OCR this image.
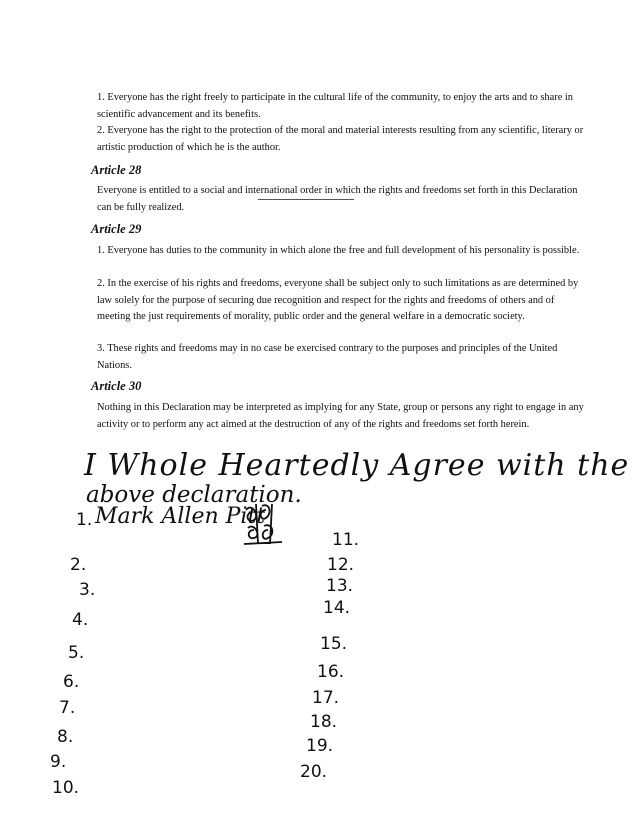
1. Everyone has the right freely to participate in the cultural life of the community, to enjoy the arts and to share in scientific advancement and its benefits.

2. Everyone has the right to the protection of the moral and material interests resulting from any scientific, literary or artistic production of which he is the author.

Article 28

Everyone is entitled to a social and international order in which the rights and freedoms set forth in this Declaration can be fully realized.

Article 29

1. Everyone has duties to the community in which alone the free and full development of his personality is possible.

2. In the exercise of his rights and freedoms, everyone shall be subject only to such limitations as are determined by law solely for the purpose of securing due recognition and respect for the rights and freedoms of others and of meeting the just requirements of morality, public order and the general welfare in a democratic society.

3. These rights and freedoms may in no case be exercised contrary to the purposes and principles of the United Nations.

Article 30

Nothing in this Declaration may be interpreted as implying for any State, group or persons any right to engage in any activity or to perform any act aimed at the destruction of any of the rights and freedoms set forth herein.

I Whole Heartedly Agree with the
above declaration.
1. Mark Allen Pitt
2.
3.
4.
5.
6.
7.
8.
9.
10.
11.
12.
13.
14.
15.
16.
17.
18.
19.
20.
